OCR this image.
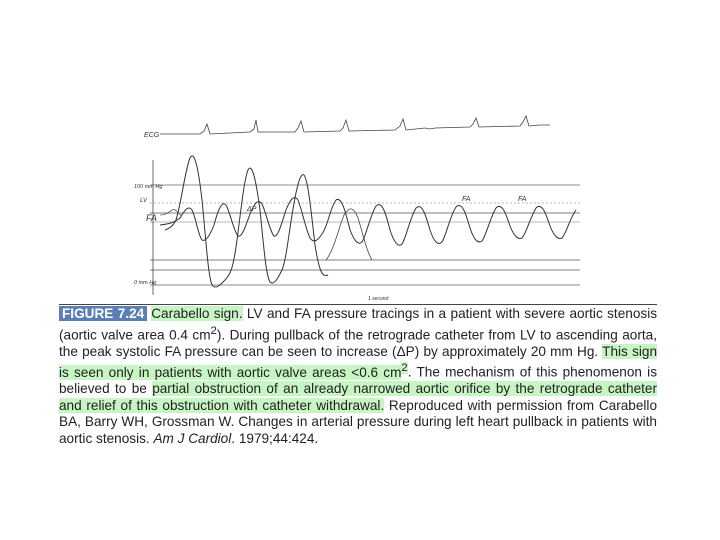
ECG
100 mm Hg
LV
FA
ΔP
FA	FA
0 mm Hg
1 second
FIGURE 7.24 Carabello sign. LV and FA pressure tracings in a patient with severe aortic stenosis (aortic valve area 0.4 $cm^2$). During pullback of the retrograde catheter from LV to ascending aorta, the peak systolic FA pressure can be seen to increase (ΔP) by approximately 20 mm Hg. This sign is seen only in patients with aortic valve areas <0.6 $cm^2$. The mechanism of this phenomenon is believed to be partial obstruction of an already narrowed aortic orifice by the retrograde catheter and relief of this obstruction with catheter withdrawal. Reproduced with permission from Carabello BA, Barry WH, Grossman W. Changes in arterial pressure during left heart pullback in patients with aortic stenosis. Am J Cardiol. 1979;44:424.
